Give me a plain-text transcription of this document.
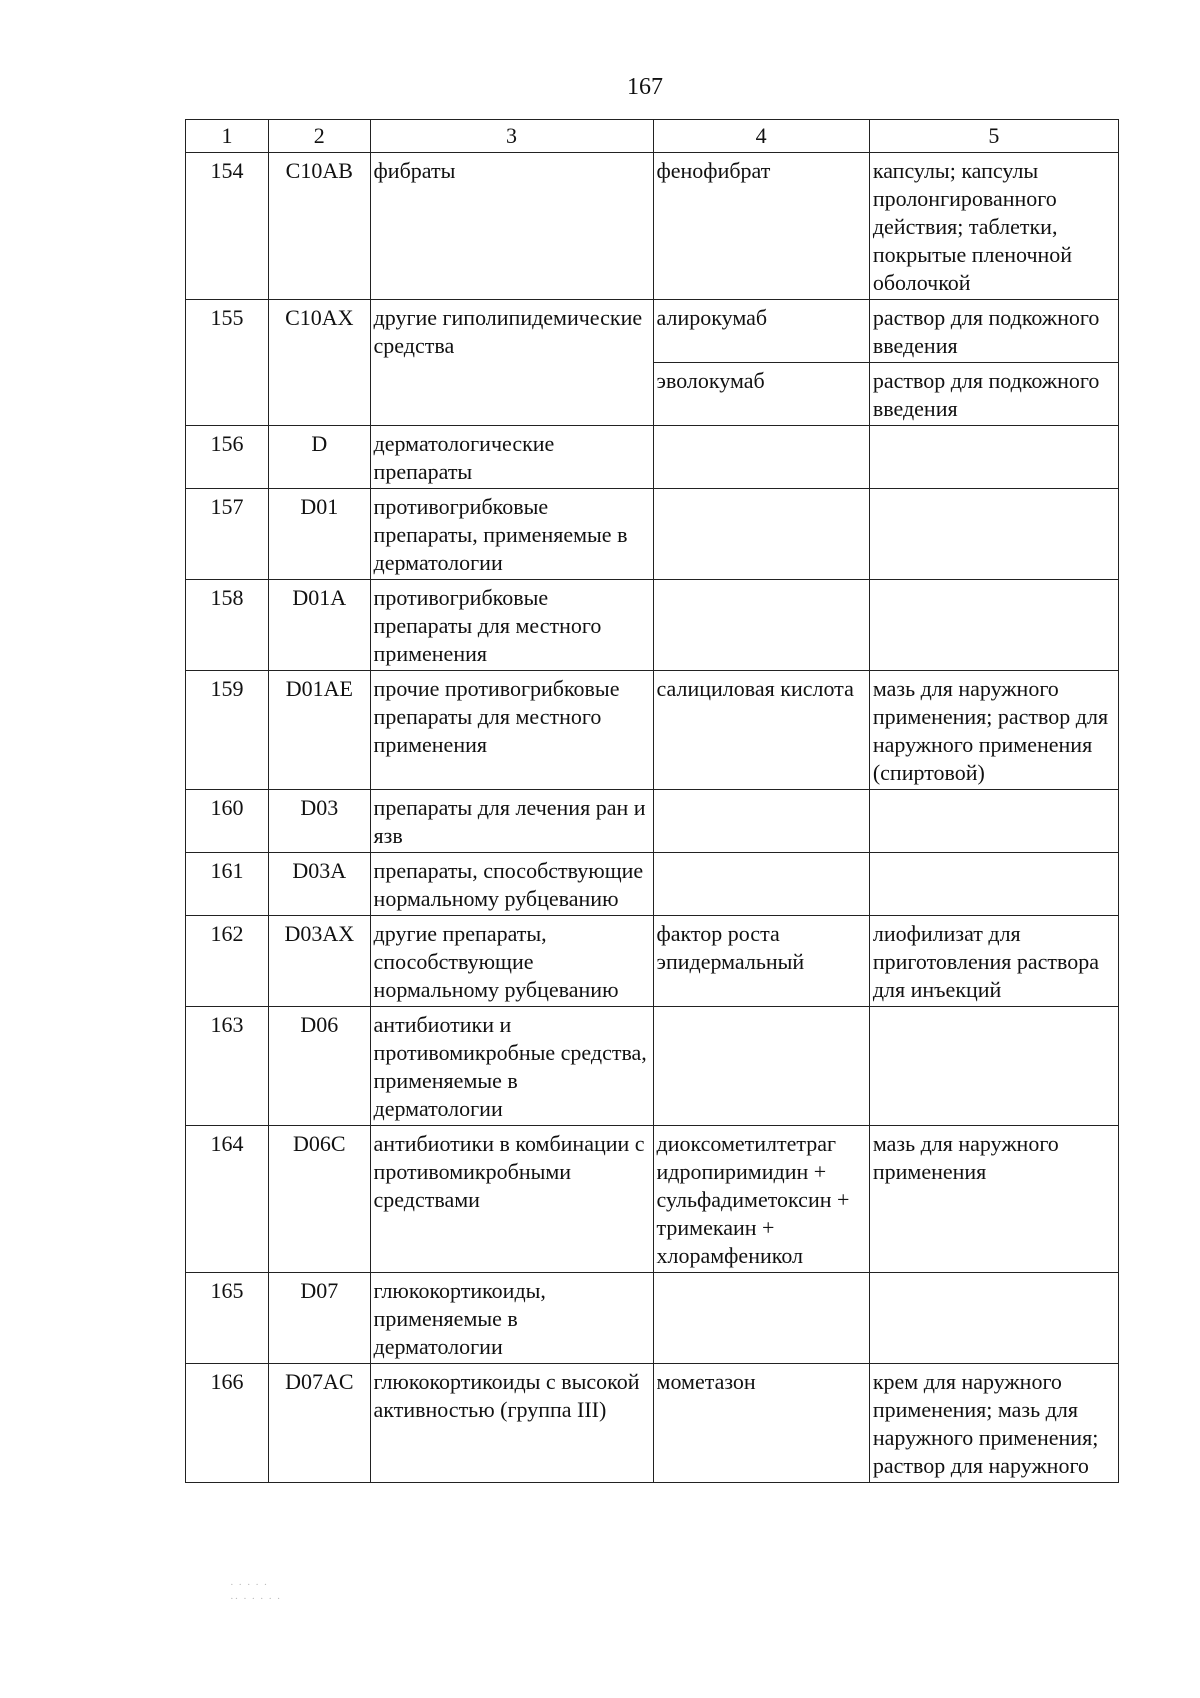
167
1	2	3	4	5
154	C10AB	фибраты	фенофибрат	капсулы; капсулы пролонгированного действия; таблетки, покрытые пленочной оболочкой
155	C10AX	другие гиполипидемические средства	алирокумаб	раствор для подкожного введения
			эволокумаб	раствор для подкожного введения
156	D	дерматологические препараты		
157	D01	противогрибковые препараты, применяемые в дерматологии		
158	D01A	противогрибковые препараты для местного применения		
159	D01AE	прочие противогрибковые препараты для местного применения	салициловая кислота	мазь для наружного применения; раствор для наружного применения (спиртовой)
160	D03	препараты для лечения ран и язв		
161	D03A	препараты, способствующие нормальному рубцеванию		
162	D03AX	другие препараты, способствующие нормальному рубцеванию	фактор роста эпидермальный	лиофилизат для приготовления раствора для инъекций
163	D06	антибиотики и противомикробные средства, применяемые в дерматологии		
164	D06C	антибиотики в комбинации с противомикробными средствами	диоксометилтетраг идропиримидин + сульфадиметоксин + тримекаин + хлорамфеникол	мазь для наружного применения
165	D07	глюкокортикоиды, применяемые в дерматологии		
166	D07AC	глюкокортикоиды с высокой активностью (группа III)	мометазон	крем для наружного применения; мазь для наружного применения; раствор для наружного
· · · · ·
·· · · · · ·
